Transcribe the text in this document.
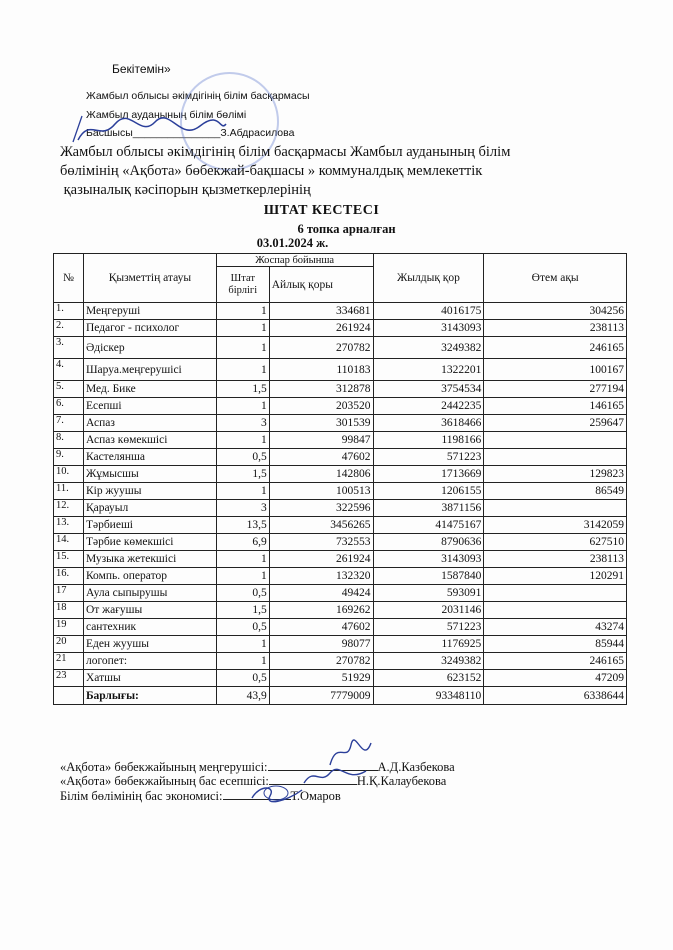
Бекітемін»
Жамбыл облысы әкімдігінің білім басқармасы
Жамбыл ауданының білім бөлімі
Басшысы_______________З.Абдрасилова
Жамбыл облысы әкімдігінің білім басқармасы Жамбыл ауданының білім
бөлімінің «Ақбота» бөбекжай-бақшасы » коммуналдық мемлекеттік
қазыналық кәсіпорын қызметкерлерінің
ШТАТ КЕСТЕСІ
6 топка арналған
03.01.2024 ж.
№	Қызметтің атауы	Жоспар бойынша		Жылдық қор	Өтем ақы
		Штат бірлігі	Айлық қоры		
1.	Меңгеруші	1	334681	4016175	304256
2.	Педагог - психолог	1	261924	3143093	238113
3.	Әдіскер	1	270782	3249382	246165
4.	Шаруа.меңгерушісі	1	110183	1322201	100167
5.	Мед. Бике	1,5	312878	3754534	277194
6.	Есепші	1	203520	2442235	146165
7.	Аспаз	3	301539	3618466	259647
8.	Аспаз көмекшісі	1	99847	1198166	
9.	Кастелянша	0,5	47602	571223	
10.	Жұмысшы	1,5	142806	1713669	129823
11.	Кір жуушы	1	100513	1206155	86549
12.	Қарауыл	3	322596	3871156	
13.	Тәрбиеші	13,5	3456265	41475167	3142059
14.	Тәрбие көмекшісі	6,9	732553	8790636	627510
15.	Музыка жетекшісі	1	261924	3143093	238113
16.	Компь. оператор	1	132320	1587840	120291
17	Аула сыпырушы	0,5	49424	593091	
18	От жағушы	1,5	169262	2031146	
19	сантехник	0,5	47602	571223	43274
20	Еден жуушы	1	98077	1176925	85944
21	логопет:	1	270782	3249382	246165
23	Хатшы	0,5	51929	623152	47209
	Барлығы:	43,9	7779009	93348110	6338644
«Ақбота» бөбекжайының меңгерушісі:	А.Д.Казбекова
«Ақбота» бөбекжайының бас есепшісі:	Н.Қ.Калаубекова
Білім бөлімінің бас экономисі:	Т.Омаров
